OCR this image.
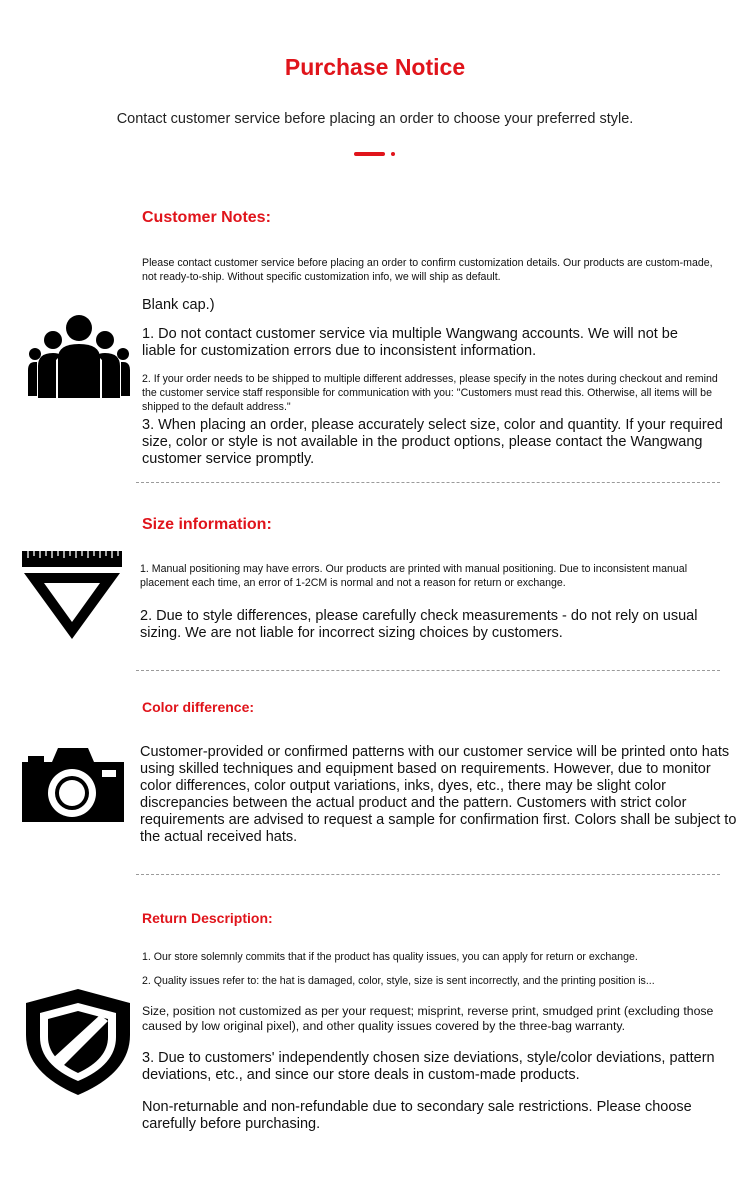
Purchase Notice

Contact customer service before placing an order to choose your preferred style.

Customer Notes:

Please contact customer service before placing an order to confirm customization details. Our products are custom-made, not ready-to-ship. Without specific customization info, we will ship as default.

Blank cap.)

1. Do not contact customer service via multiple Wangwang accounts. We will not be liable for customization errors due to inconsistent information.

2. If your order needs to be shipped to multiple different addresses, please specify in the notes during checkout and remind the customer service staff responsible for communication with you: "Customers must read this. Otherwise, all items will be shipped to the default address."

3. When placing an order, please accurately select size, color and quantity. If your required size, color or style is not available in the product options, please contact the Wangwang customer service promptly.

Size information:

1. Manual positioning may have errors. Our products are printed with manual positioning. Due to inconsistent manual placement each time, an error of 1-2CM is normal and not a reason for return or exchange.

2. Due to style differences, please carefully check measurements - do not rely on usual sizing. We are not liable for incorrect sizing choices by customers.

Color difference:

Customer-provided or confirmed patterns with our customer service will be printed onto hats using skilled techniques and equipment based on requirements. However, due to monitor color differences, color output variations, inks, dyes, etc., there may be slight color discrepancies between the actual product and the pattern. Customers with strict color requirements are advised to request a sample for confirmation first. Colors shall be subject to the actual received hats.

Return Description:

1. Our store solemnly commits that if the product has quality issues, you can apply for return or exchange.

2. Quality issues refer to: the hat is damaged, color, style, size is sent incorrectly, and the printing position is...

Size, position not customized as per your request; misprint, reverse print, smudged print (excluding those caused by low original pixel), and other quality issues covered by the three-bag warranty.

3. Due to customers' independently chosen size deviations, style/color deviations, pattern deviations, etc., and since our store deals in custom-made products.

Non-returnable and non-refundable due to secondary sale restrictions. Please choose carefully before purchasing.
